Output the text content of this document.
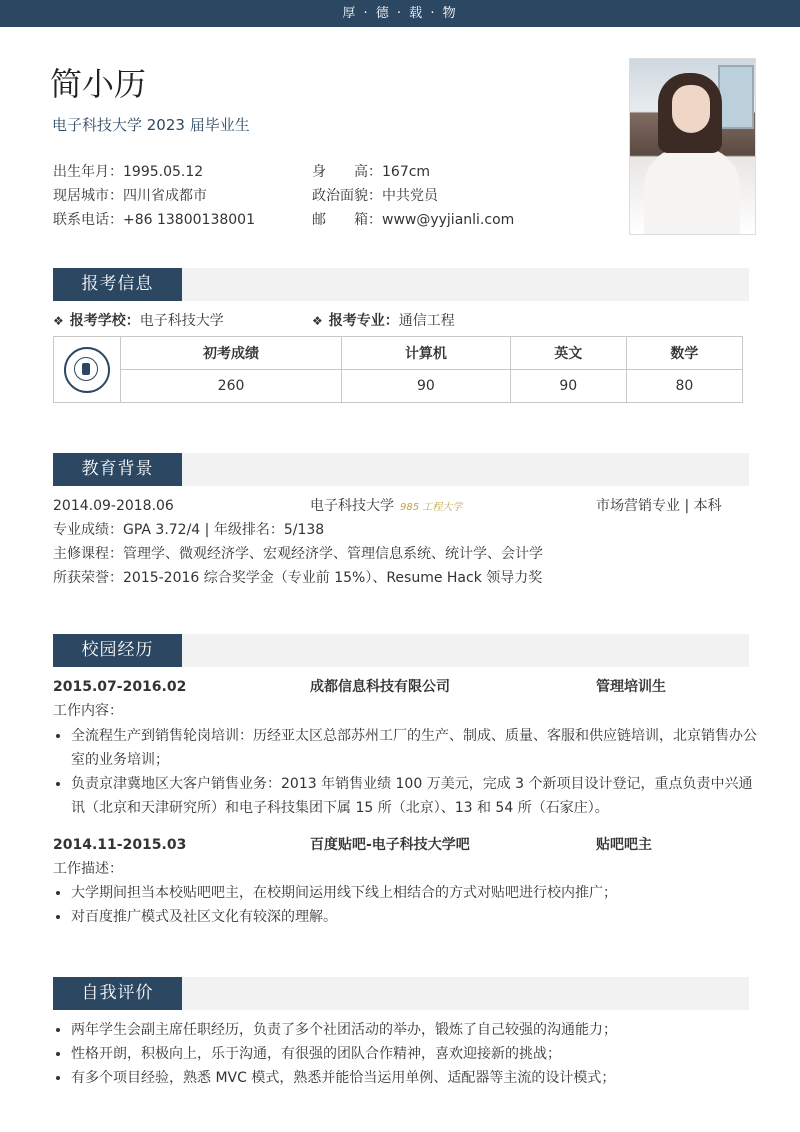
厚 · 德 · 载 · 物
简小历
电子科技大学 2023 届毕业生
出生年月：1995.05.12
现居城市：四川省成都市
联系电话：+86 13800138001
身　　高：167cm
政治面貌：中共党员
邮　　箱：www@yyjianli.com
报考信息
❖ 报考学校：电子科技大学	❖ 报考专业：通信工程
	初考成绩	计算机	英文	数学
	260	90	90	80
教育背景
2014.09-2018.06	电子科技大学 985 工程大学	市场营销专业 | 本科
专业成绩：GPA 3.72/4 | 年级排名：5/138
主修课程：管理学、微观经济学、宏观经济学、管理信息系统、统计学、会计学
所获荣誉：2015-2016 综合奖学金（专业前 15%）、Resume Hack 领导力奖
校园经历
2015.07-2016.02	成都信息科技有限公司	管理培训生
工作内容：
• 全流程生产到销售轮岗培训：历经亚太区总部苏州工厂的生产、制成、质量、客服和供应链培训，北京销售办公室的业务培训；
• 负责京津冀地区大客户销售业务：2013 年销售业绩 100 万美元，完成 3 个新项目设计登记，重点负责中兴通讯（北京和天津研究所）和电子科技集团下属 15 所（北京）、13 和 54 所（石家庄）。
2014.11-2015.03	百度贴吧-电子科技大学吧	贴吧吧主
工作描述：
• 大学期间担当本校贴吧吧主，在校期间运用线下线上相结合的方式对贴吧进行校内推广；
• 对百度推广模式及社区文化有较深的理解。
自我评价
• 两年学生会副主席任职经历，负责了多个社团活动的举办，锻炼了自己较强的沟通能力；
• 性格开朗，积极向上，乐于沟通，有很强的团队合作精神，喜欢迎接新的挑战；
• 有多个项目经验，熟悉 MVC 模式，熟悉并能恰当运用单例、适配器等主流的设计模式；
